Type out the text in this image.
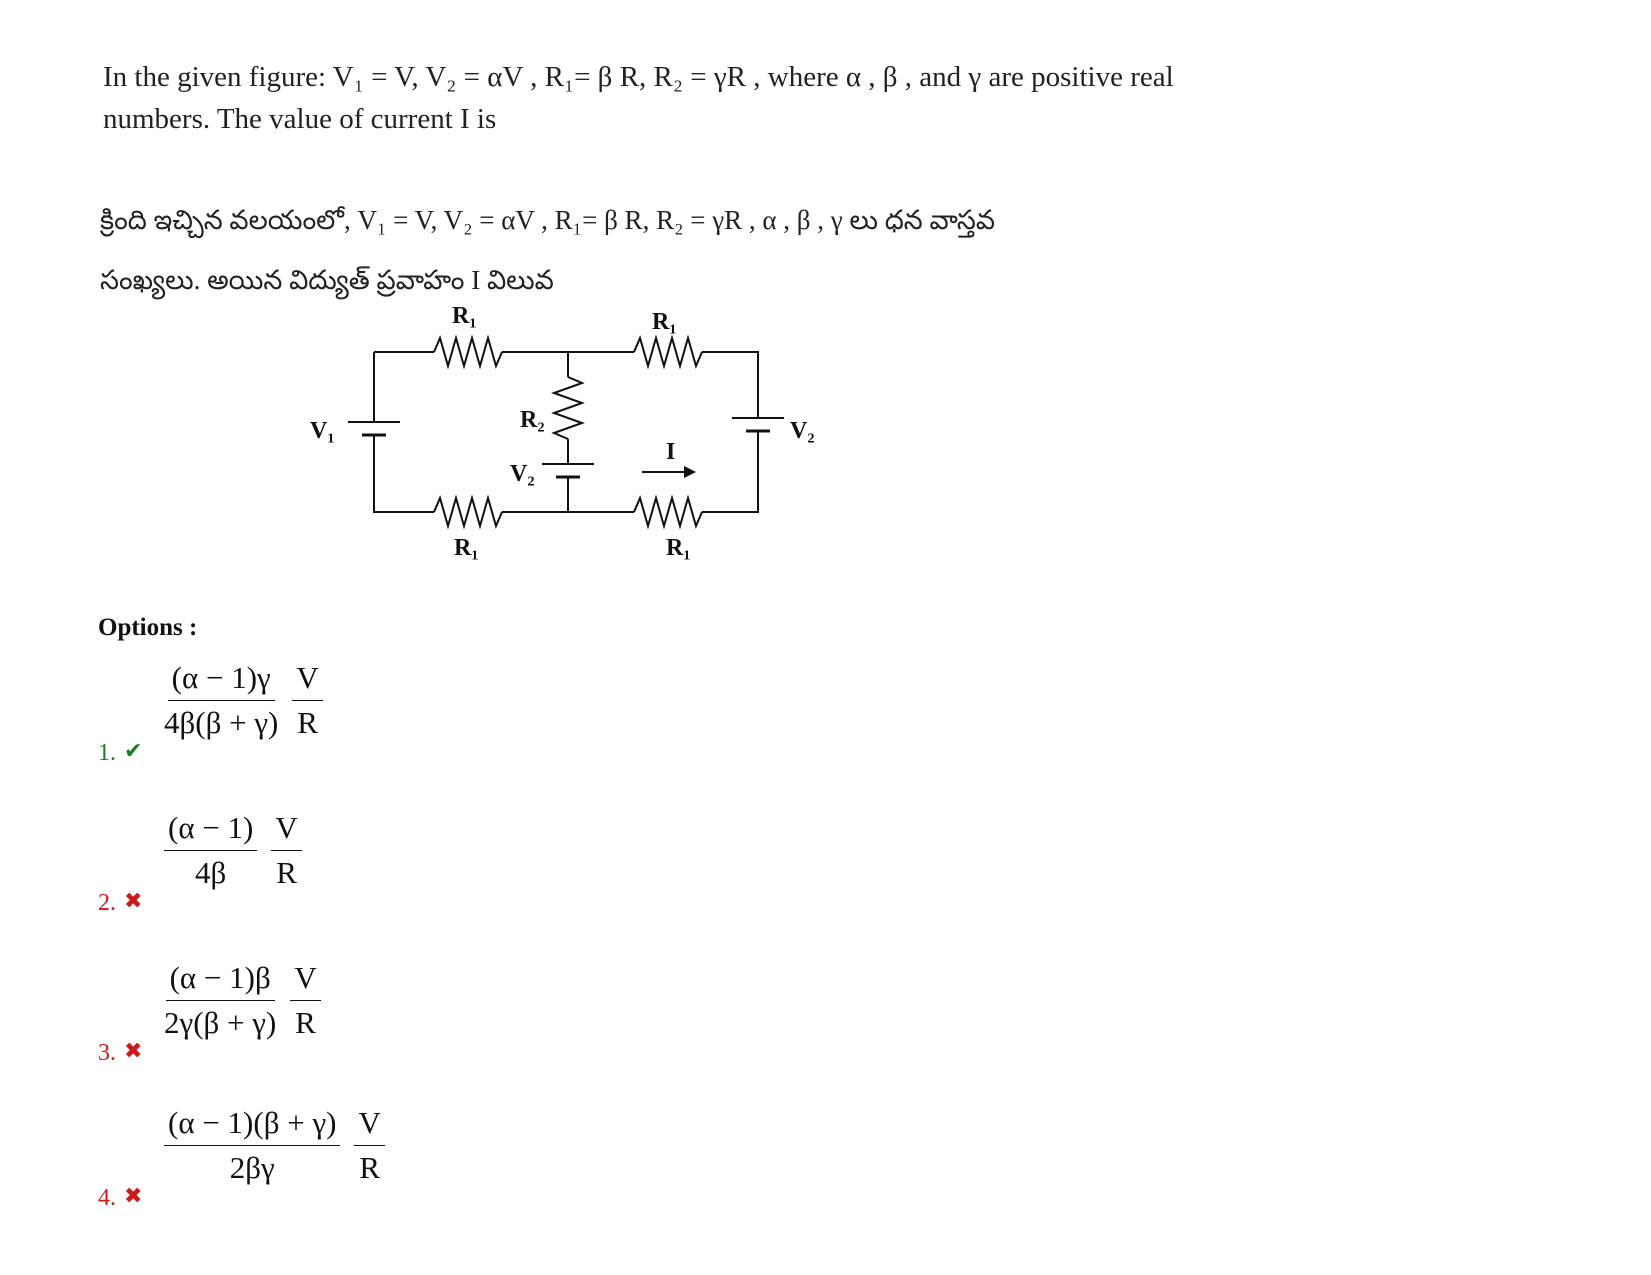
In the given figure: V₁ = V, V₂ = αV , R₁= β R, R₂ = γR , where α , β , and γ are positive real numbers. The value of current I is
క్రింది ఇచ్చిన వలయంలో, V₁ = V, V₂ = αV , R₁= β R, R₂ = γR , α , β , γ లు ధన వాస్తవ
సంఖ్యలు. అయిన విద్యుత్ ప్రవాహం I విలువ
R₁	R₁
R₂
V₂
V₁	V₂
I
R₁	R₁
Options :
1. ✔
$\frac{(\alpha - 1)\gamma}{4\beta(\beta + \gamma)} \frac{V}{R}$
2. ✖
$\frac{(\alpha - 1)}{4\beta} \frac{V}{R}$
3. ✖
$\frac{(\alpha - 1)\beta}{2\gamma(\beta + \gamma)} \frac{V}{R}$
4. ✖
$\frac{(\alpha - 1)(\beta + \gamma)}{2\beta\gamma} \frac{V}{R}$
